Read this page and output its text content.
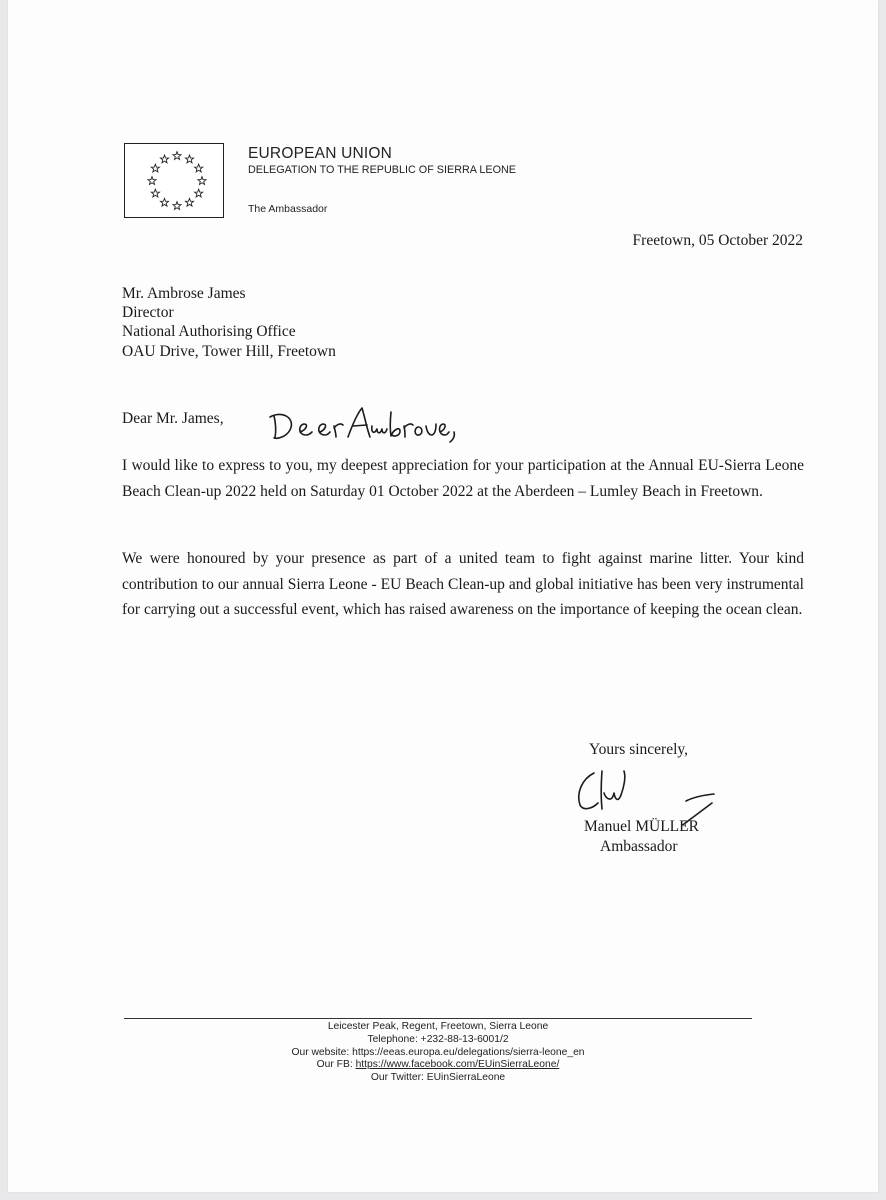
EUROPEAN UNION
DELEGATION TO THE REPUBLIC OF SIERRA LEONE
The Ambassador
Freetown, 05 October 2022
Mr. Ambrose James
Director
National Authorising Office
OAU Drive, Tower Hill, Freetown
Dear Mr. James,

I would like to express to you, my deepest appreciation for your participation at the Annual EU-Sierra Leone Beach Clean-up 2022 held on Saturday 01 October 2022 at the Aberdeen – Lumley Beach in Freetown.

We were honoured by your presence as part of a united team to fight against marine litter. Your kind contribution to our annual Sierra Leone - EU Beach Clean-up and global initiative has been very instrumental for carrying out a successful event, which has raised awareness on the importance of keeping the ocean clean.

Yours sincerely,
Manuel MÜLLER
Ambassador
Leicester Peak, Regent, Freetown, Sierra Leone
Telephone: +232-88-13-6001/2
Our website: https://eeas.europa.eu/delegations/sierra-leone_en
Our FB: https://www.facebook.com/EUinSierraLeone/
Our Twitter: EUinSierraLeone
